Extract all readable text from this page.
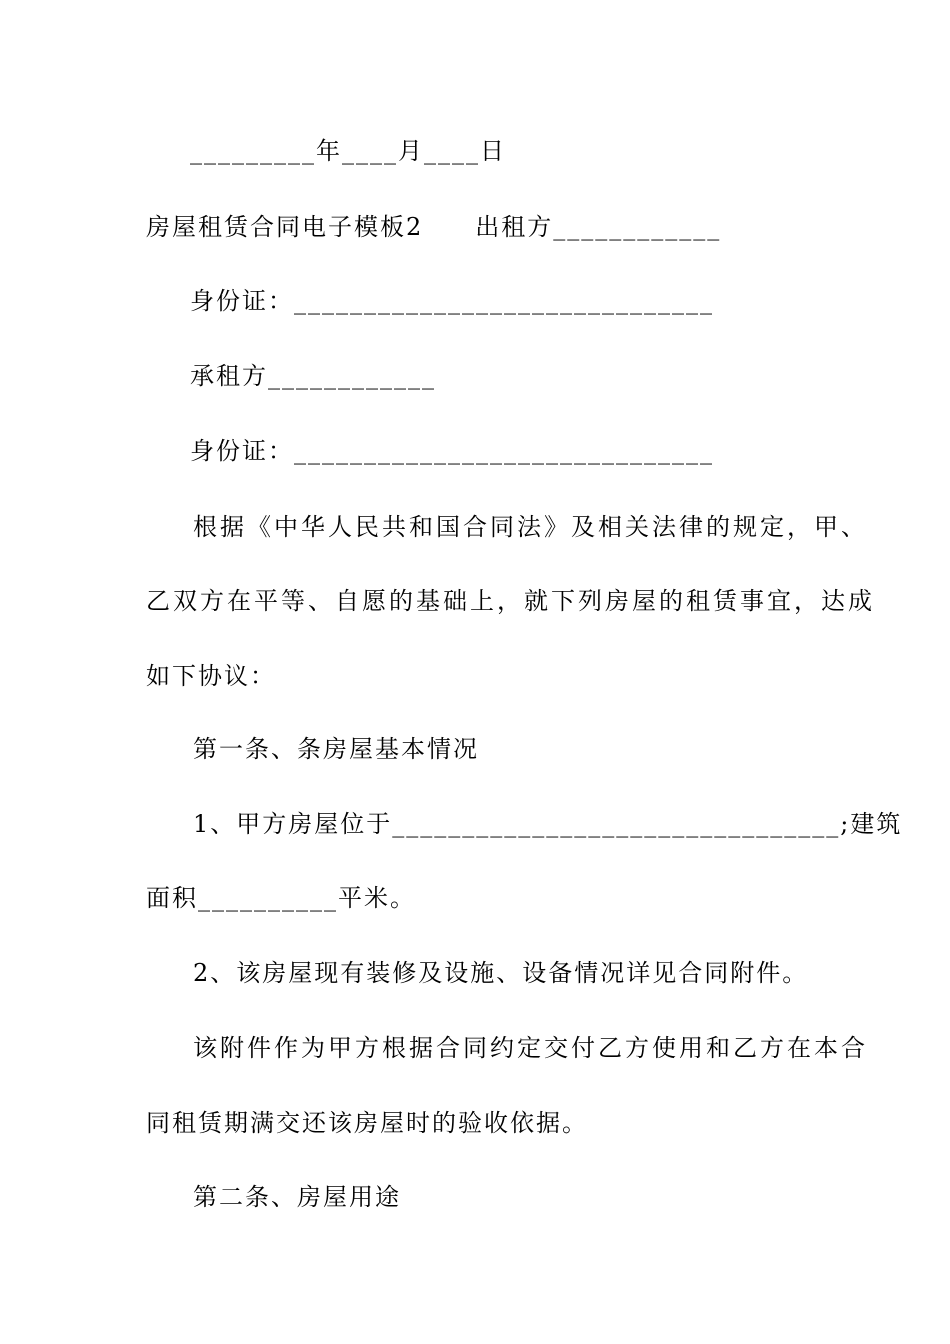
_________年____月____日
房屋租赁合同电子模板2 出租方____________
身份证：______________________________
承租方____________
身份证：______________________________
根据《中华人民共和国合同法》及相关法律的规定，甲、
乙双方在平等、自愿的基础上，就下列房屋的租赁事宜，达成
如下协议：
第一条、条房屋基本情况
1、甲方房屋位于________________________________;建筑
面积__________平米。
2、该房屋现有装修及设施、设备情况详见合同附件。
该附件作为甲方根据合同约定交付乙方使用和乙方在本合
同租赁期满交还该房屋时的验收依据。
第二条、房屋用途
